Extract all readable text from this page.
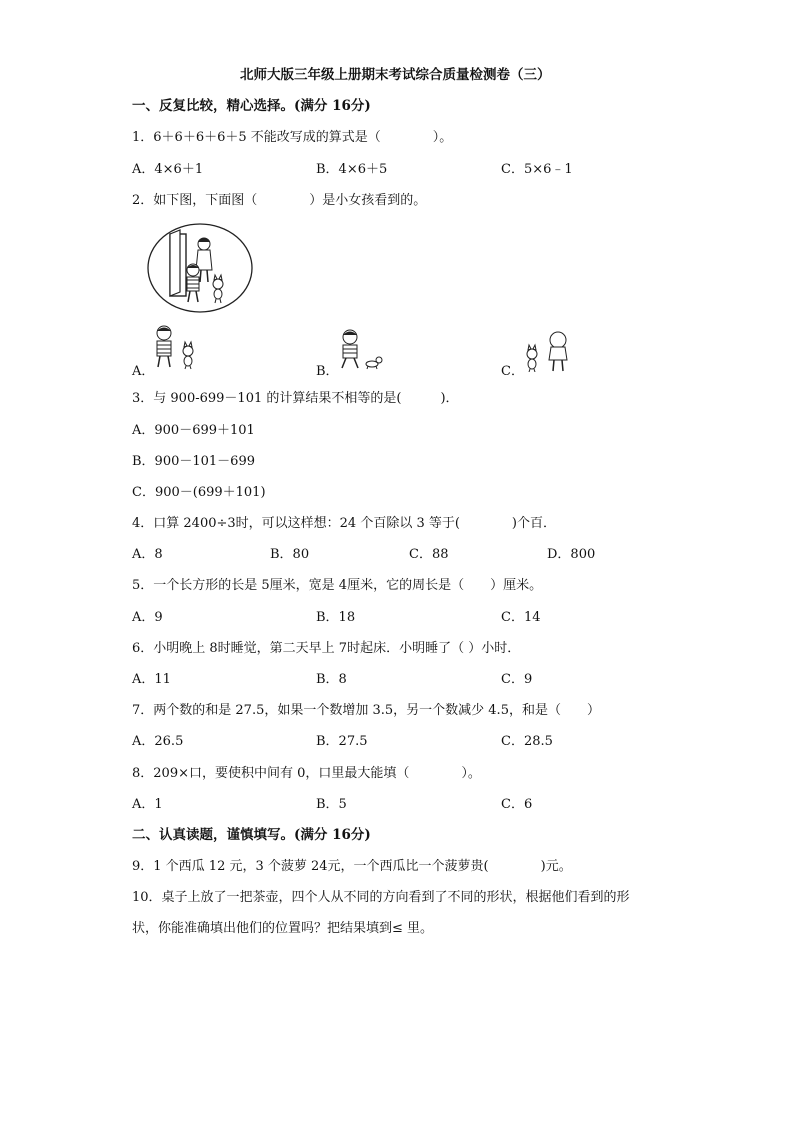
北师大版三年级上册期末考试综合质量检测卷（三）
一、反复比较，精心选择。(满分 16分)
1．6＋6＋6＋6＋5 不能改写成的算式是（　　　　）。
A．4×6＋1	B．4×6＋5	C．5×6﹣1
2．如下图，下面图（　　　　）是小女孩看到的。
A．	B．	C．
3．与 900-699－101 的计算结果不相等的是(　　　)．
A．900－699＋101
B．900－101－699
C．900－(699＋101)
4．口算 2400÷3时，可以这样想：24 个百除以 3 等于(　　　　)个百．
A．8	B．80	C．88	D．800
5．一个长方形的长是 5厘米，宽是 4厘米，它的周长是（　　）厘米。
A．9	B．18	C．14
6．小明晚上 8时睡觉，第二天早上 7时起床．小明睡了（ ）小时．
A．11	B．8	C．9
7．两个数的和是 27.5，如果一个数增加 3.5，另一个数减少 4.5，和是（　　）
A．26.5	B．27.5	C．28.5
8．209×口，要使积中间有 0，口里最大能填（　　　　）。
A．1	B．5	C．6
二、认真读题，谨慎填写。(满分 16分)
9．1 个西瓜 12 元，3 个菠萝 24元，一个西瓜比一个菠萝贵(　　　　)元。
10．桌子上放了一把茶壶，四个人从不同的方向看到了不同的形状，根据他们看到的形
状，你能准确填出他们的位置吗？把结果填到≤ 里。
